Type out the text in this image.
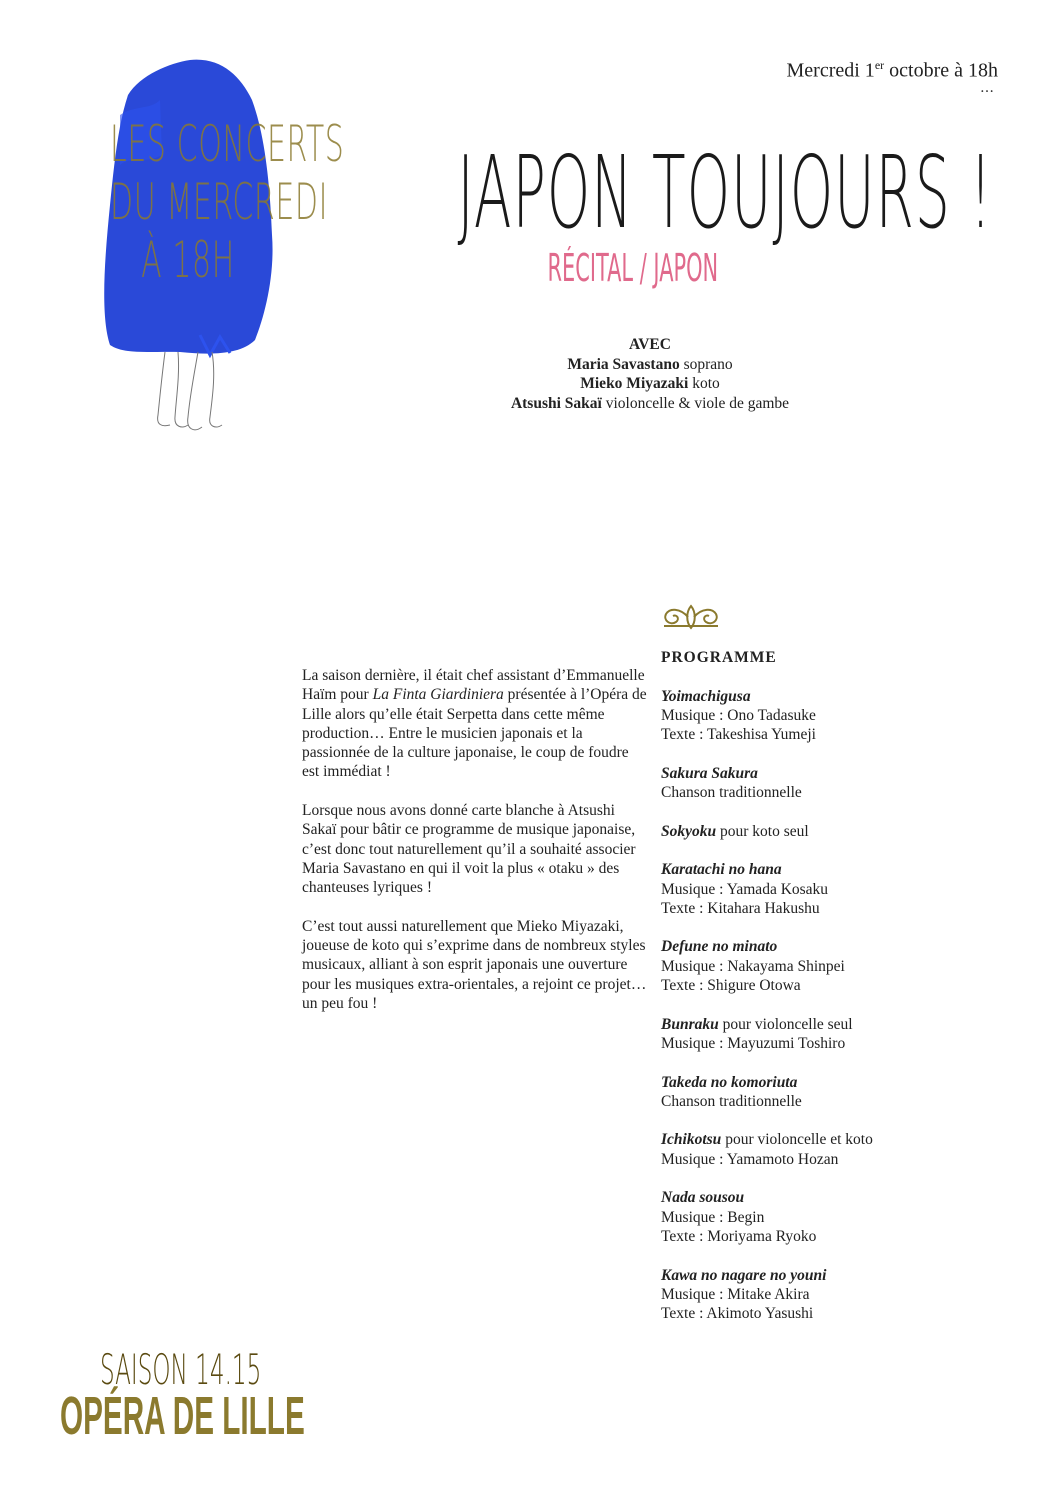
Mercredi 1er octobre à 18h
…
LES CONCERTS
DU MERCREDI
À 18H
JAPON TOUJOURS !
RÉCITAL / JAPON
AVEC
Maria Savastano soprano
Mieko Miyazaki koto
Atsushi Sakaï violoncelle & viole de gambe

La saison dernière, il était chef assistant d’Emmanuelle Haïm pour La Finta Giardiniera présentée à l’Opéra de Lille alors qu’elle était Serpetta dans cette même production… Entre le musicien japonais et la passionnée de la culture japonaise, le coup de foudre est immédiat !

Lorsque nous avons donné carte blanche à Atsushi Sakaï pour bâtir ce programme de musique japonaise, c’est donc tout naturellement qu’il a souhaité associer Maria Savastano en qui il voit la plus « otaku » des chanteuses lyriques !

C’est tout aussi naturellement que Mieko Miyazaki, joueuse de koto qui s’exprime dans de nombreux styles musicaux, alliant à son esprit japonais une ouverture pour les musiques extra-orientales, a rejoint ce projet… un peu fou !

PROGRAMME
Yoimachigusa
Musique : Ono Tadasuke
Texte : Takeshisa Yumeji
Sakura Sakura
Chanson traditionnelle
Sokyoku pour koto seul
Karatachi no hana
Musique : Yamada Kosaku
Texte : Kitahara Hakushu
Defune no minato
Musique : Nakayama Shinpei
Texte : Shigure Otowa
Bunraku pour violoncelle seul
Musique : Mayuzumi Toshiro
Takeda no komoriuta
Chanson traditionnelle
Ichikotsu pour violoncelle et koto
Musique : Yamamoto Hozan
Nada sousou
Musique : Begin
Texte : Moriyama Ryoko
Kawa no nagare no youni
Musique : Mitake Akira
Texte : Akimoto Yasushi
SAISON 14.15
OPÉRA DE LILLE
